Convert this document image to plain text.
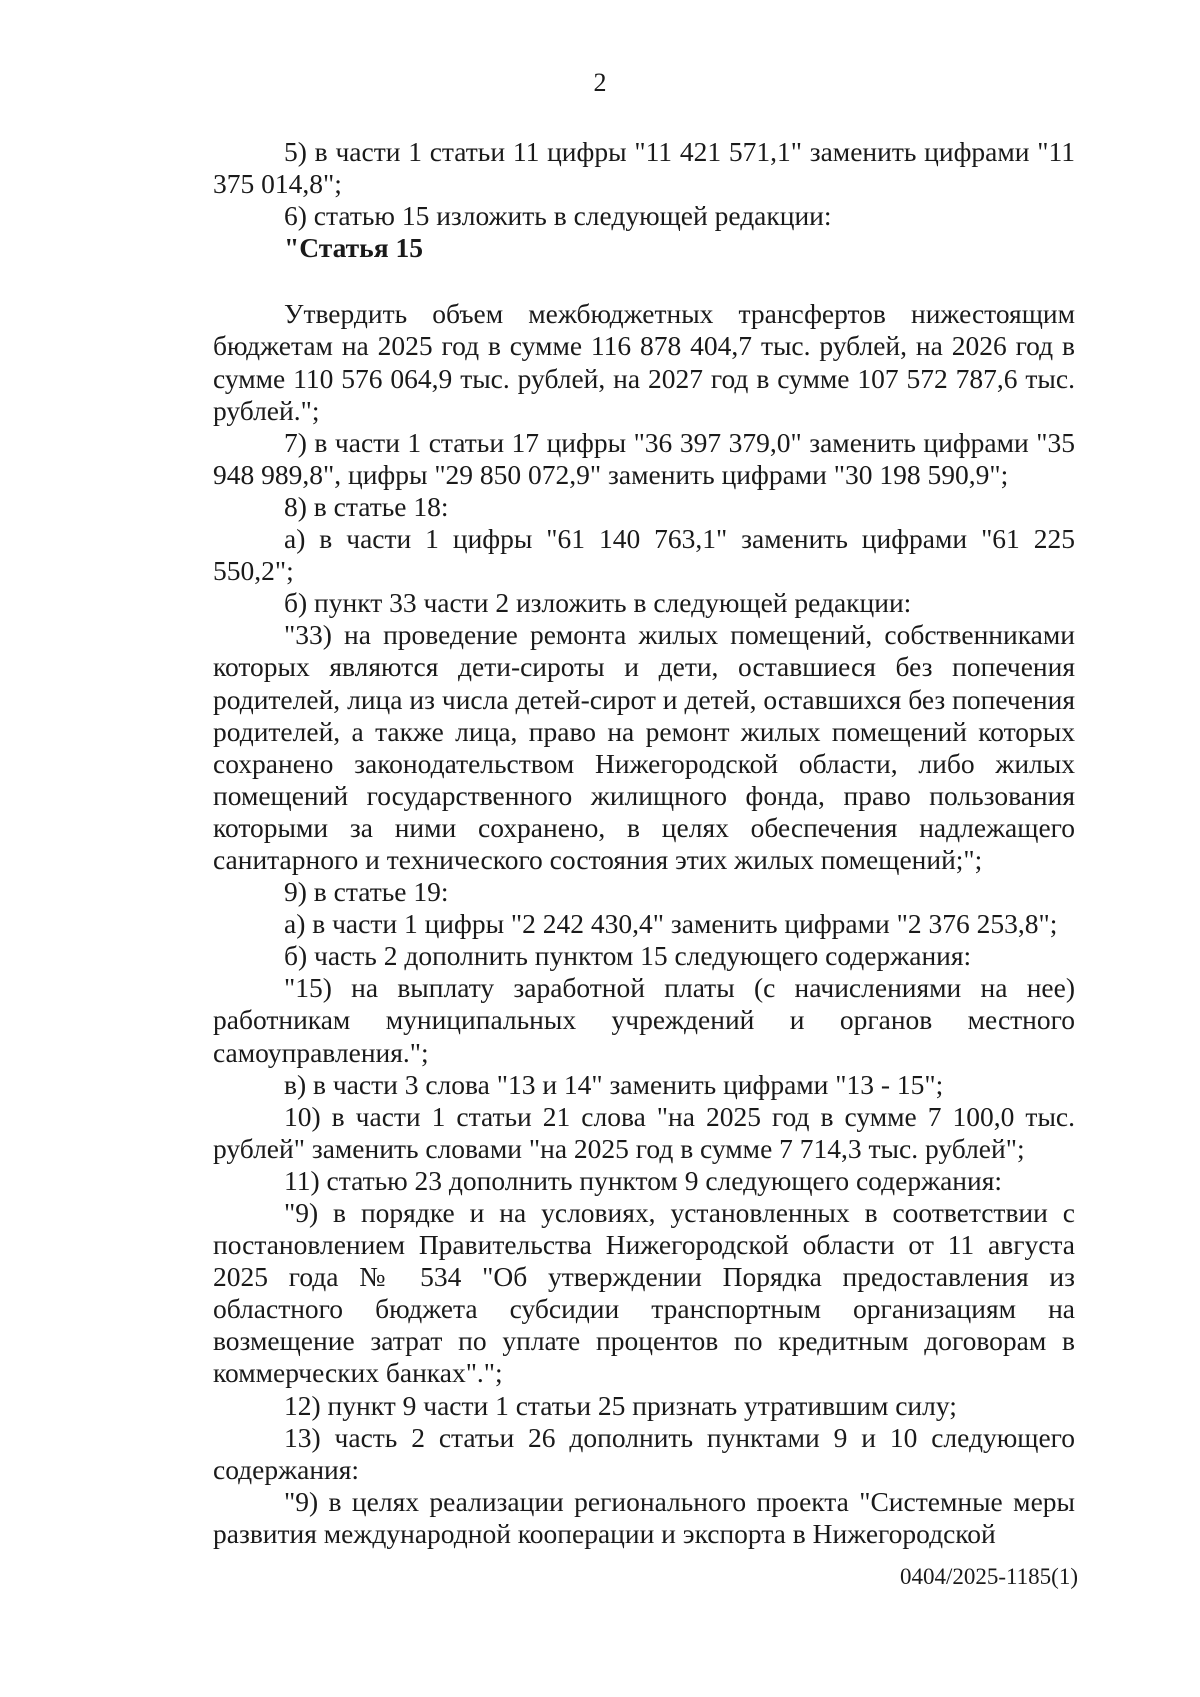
2

5) в части 1 статьи 11 цифры "11 421 571,1" заменить цифрами "11 375 014,8";

6) статью 15 изложить в следующей редакции:

"Статья 15

Утвердить объем межбюджетных трансфертов нижестоящим бюджетам на 2025 год в сумме 116 878 404,7 тыс. рублей, на 2026 год в сумме 110 576 064,9 тыс. рублей, на 2027 год в сумме 107 572 787,6 тыс. рублей.";

7) в части 1 статьи 17 цифры "36 397 379,0" заменить цифрами "35 948 989,8", цифры "29 850 072,9" заменить цифрами "30 198 590,9";

8) в статье 18:

а) в части 1 цифры "61 140 763,1" заменить цифрами "61 225 550,2";

б) пункт 33 части 2 изложить в следующей редакции:

"33) на проведение ремонта жилых помещений, собственниками которых являются дети-сироты и дети, оставшиеся без попечения родителей, лица из числа детей-сирот и детей, оставшихся без попечения родителей, а также лица, право на ремонт жилых помещений которых сохранено законодательством Нижегородской области, либо жилых помещений государственного жилищного фонда, право пользования которыми за ними сохранено, в целях обеспечения надлежащего санитарного и технического состояния этих жилых помещений;";

9) в статье 19:

а) в части 1 цифры "2 242 430,4" заменить цифрами "2 376 253,8";

б) часть 2 дополнить пунктом 15 следующего содержания:

"15) на выплату заработной платы (с начислениями на нее) работникам муниципальных учреждений и органов местного самоуправления.";

в) в части 3 слова "13 и 14" заменить цифрами "13 - 15";

10) в части 1 статьи 21 слова "на 2025 год в сумме 7 100,0 тыс. рублей" заменить словами "на 2025 год в сумме 7 714,3 тыс. рублей";

11) статью 23 дополнить пунктом 9 следующего содержания:

"9) в порядке и на условиях, установленных в соответствии с постановлением Правительства Нижегородской области от 11 августа 2025 года № 534 "Об утверждении Порядка предоставления из областного бюджета субсидии транспортным организациям на возмещение затрат по уплате процентов по кредитным договорам в коммерческих банках".";

12) пункт 9 части 1 статьи 25 признать утратившим силу;

13) часть 2 статьи 26 дополнить пунктами 9 и 10 следующего содержания:

"9) в целях реализации регионального проекта "Системные меры развития международной кооперации и экспорта в Нижегородской

0404/2025-1185(1)
